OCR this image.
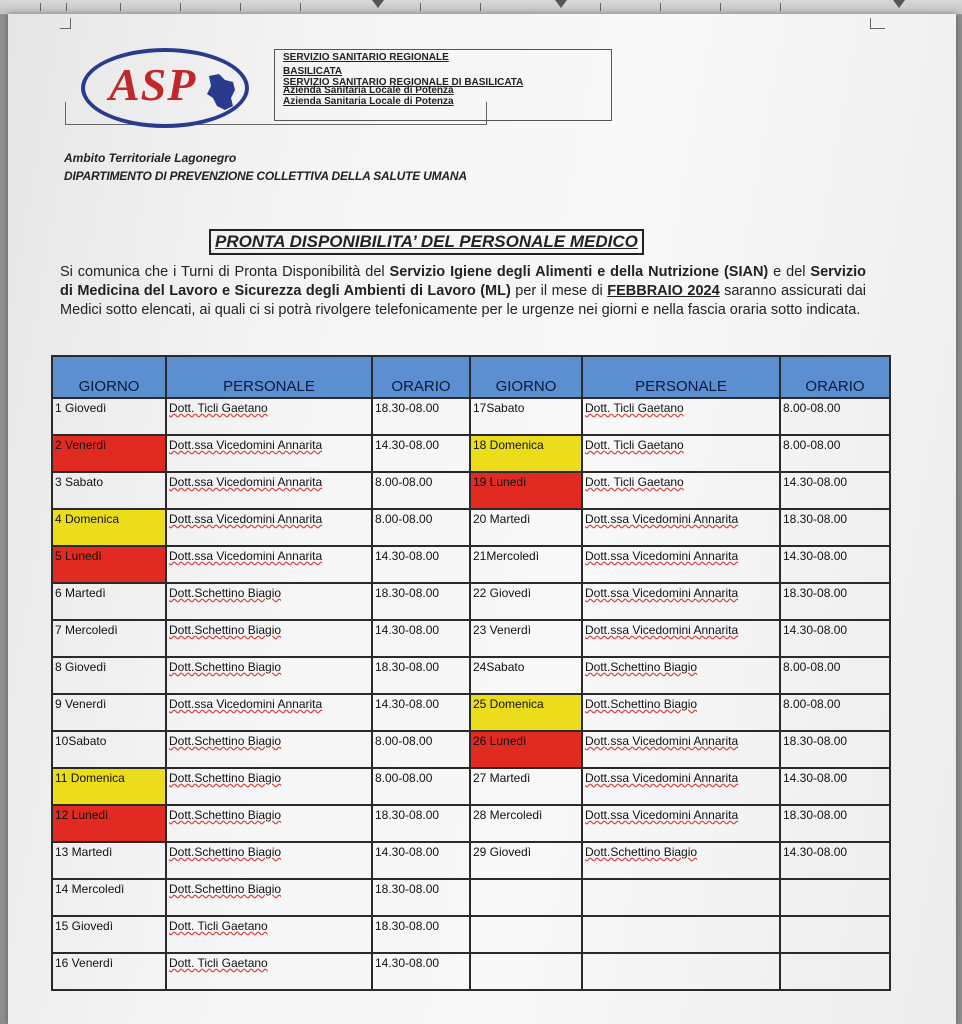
ASP
SERVIZIO SANITARIO REGIONALE
BASILICATA
SERVIZIO SANITARIO REGIONALE DI BASILICATA
Azienda Sanitaria Locale di Potenza
Azienda Sanitaria Locale di Potenza
Ambito Territoriale Lagonegro
DIPARTIMENTO DI PREVENZIONE COLLETTIVA DELLA SALUTE UMANA
PRONTA DISPONIBILITA’ DEL PERSONALE MEDICO
Si comunica che i Turni di Pronta Disponibilità del Servizio Igiene degli Alimenti e della Nutrizione (SIAN) e del Servizio di Medicina del Lavoro e Sicurezza degli Ambienti di Lavoro (ML) per il mese di FEBBRAIO 2024 saranno assicurati dai Medici sotto elencati, ai quali ci si potrà rivolgere telefonicamente per le urgenze nei giorni e nella fascia oraria sotto indicata.
GIORNO	PERSONALE	ORARIO	GIORNO	PERSONALE	ORARIO

1 Giovedì	Dott. Ticli Gaetano	18.30-08.00	17Sabato	Dott. Ticli Gaetano	8.00-08.00

2 Venerdì	Dott.ssa Vicedomini Annarita	14.30-08.00	18 Domenica	Dott. Ticli Gaetano	8.00-08.00

3 Sabato	Dott.ssa Vicedomini Annarita	8.00-08.00	19 Lunedì	Dott. Ticli Gaetano	14.30-08.00

4 Domenica	Dott.ssa Vicedomini Annarita	8.00-08.00	20 Martedì	Dott.ssa Vicedomini Annarita	18.30-08.00

5 Lunedì	Dott.ssa Vicedomini Annarita	14.30-08.00	21Mercoledì	Dott.ssa Vicedomini Annarita	14.30-08.00

6 Martedì	Dott.Schettino Biagio	18.30-08.00	22 Giovedì	Dott.ssa Vicedomini Annarita	18.30-08.00

7 Mercoledì	Dott.Schettino Biagio	14.30-08.00	23 Venerdì	Dott.ssa Vicedomini Annarita	14.30-08.00

8 Giovedì	Dott.Schettino Biagio	18.30-08.00	24Sabato	Dott.Schettino Biagio	8.00-08.00

9 Venerdì	Dott.ssa Vicedomini Annarita	14.30-08.00	25 Domenica	Dott.Schettino Biagio	8.00-08.00

10Sabato	Dott.Schettino Biagio	8.00-08.00	26 Lunedì	Dott.ssa Vicedomini Annarita	18.30-08.00

11 Domenica	Dott.Schettino Biagio	8.00-08.00	27 Martedì	Dott.ssa Vicedomini Annarita	14.30-08.00

12 Lunedì	Dott.Schettino Biagio	18.30-08.00	28 Mercoledì	Dott.ssa Vicedomini Annarita	18.30-08.00

13 Martedì	Dott.Schettino Biagio	14.30-08.00	29 Giovedì	Dott.Schettino Biagio	14.30-08.00

14 Mercoledì	Dott.Schettino Biagio	18.30-08.00			

15 Giovedì	Dott. Ticli Gaetano	18.30-08.00			

16 Venerdì	Dott. Ticli Gaetano	14.30-08.00			
